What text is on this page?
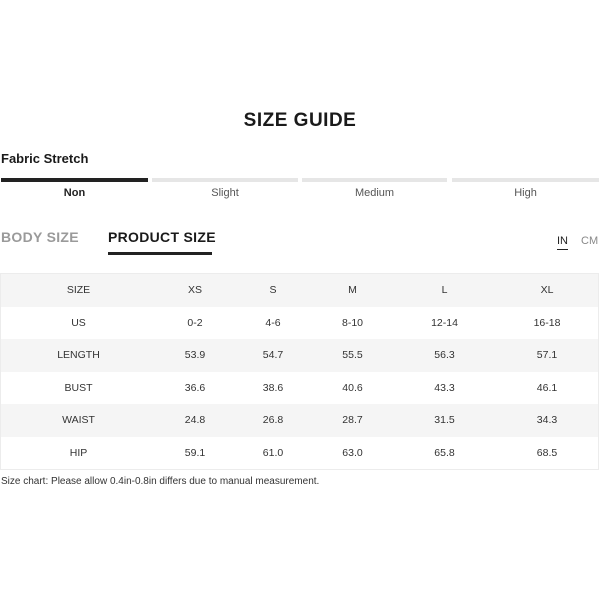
SIZE GUIDE
Fabric Stretch
Non	Slight	Medium	High
BODY SIZE PRODUCT SIZE	IN CM
SIZE	XS	S	M	L	XL
US	0-2	4-6	8-10	12-14	16-18
LENGTH	53.9	54.7	55.5	56.3	57.1
BUST	36.6	38.6	40.6	43.3	46.1
WAIST	24.8	26.8	28.7	31.5	34.3
HIP	59.1	61.0	63.0	65.8	68.5
Size chart: Please allow 0.4in-0.8in differs due to manual measurement.
